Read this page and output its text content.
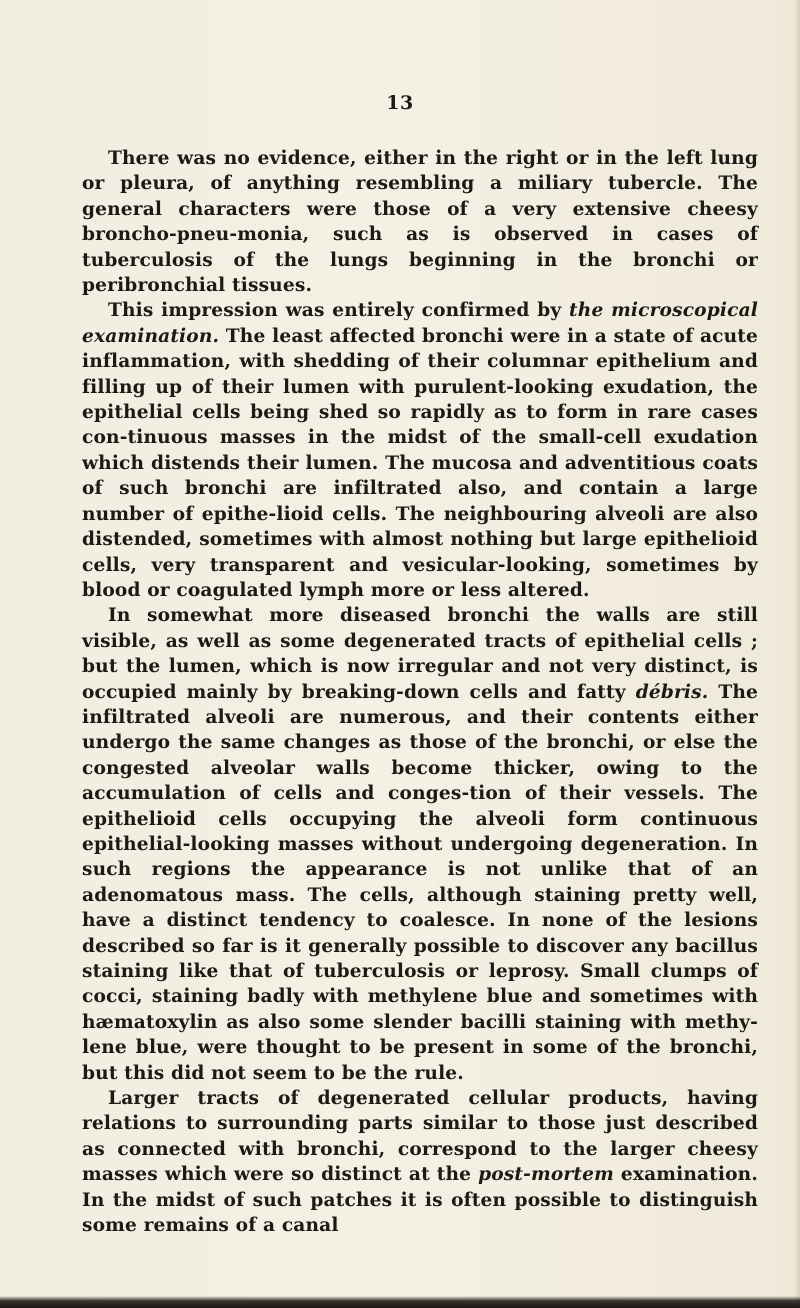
13

There was no evidence, either in the right or in the left lung or pleura, of anything resembling a miliary tubercle. The general characters were those of a very extensive cheesy broncho-pneu-monia, such as is observed in cases of tuberculosis of the lungs beginning in the bronchi or peribronchial tissues.

This impression was entirely confirmed by the microscopical examination. The least affected bronchi were in a state of acute inflammation, with shedding of their columnar epithelium and filling up of their lumen with purulent-looking exudation, the epithelial cells being shed so rapidly as to form in rare cases con-tinuous masses in the midst of the small-cell exudation which distends their lumen. The mucosa and adventitious coats of such bronchi are infiltrated also, and contain a large number of epithe-lioid cells. The neighbouring alveoli are also distended, sometimes with almost nothing but large epithelioid cells, very transparent and vesicular-looking, sometimes by blood or coagulated lymph more or less altered.

In somewhat more diseased bronchi the walls are still visible, as well as some degenerated tracts of epithelial cells ; but the lumen, which is now irregular and not very distinct, is occupied mainly by breaking-down cells and fatty débris. The infiltrated alveoli are numerous, and their contents either undergo the same changes as those of the bronchi, or else the congested alveolar walls become thicker, owing to the accumulation of cells and conges-tion of their vessels. The epithelioid cells occupying the alveoli form continuous epithelial-looking masses without undergoing degeneration. In such regions the appearance is not unlike that of an adenomatous mass. The cells, although staining pretty well, have a distinct tendency to coalesce. In none of the lesions described so far is it generally possible to discover any bacillus staining like that of tuberculosis or leprosy. Small clumps of cocci, staining badly with methylene blue and sometimes with hæmatoxylin as also some slender bacilli staining with methy-lene blue, were thought to be present in some of the bronchi, but this did not seem to be the rule.

Larger tracts of degenerated cellular products, having relations to surrounding parts similar to those just described as connected with bronchi, correspond to the larger cheesy masses which were so distinct at the post-mortem examination. In the midst of such patches it is often possible to distinguish some remains of a canal
